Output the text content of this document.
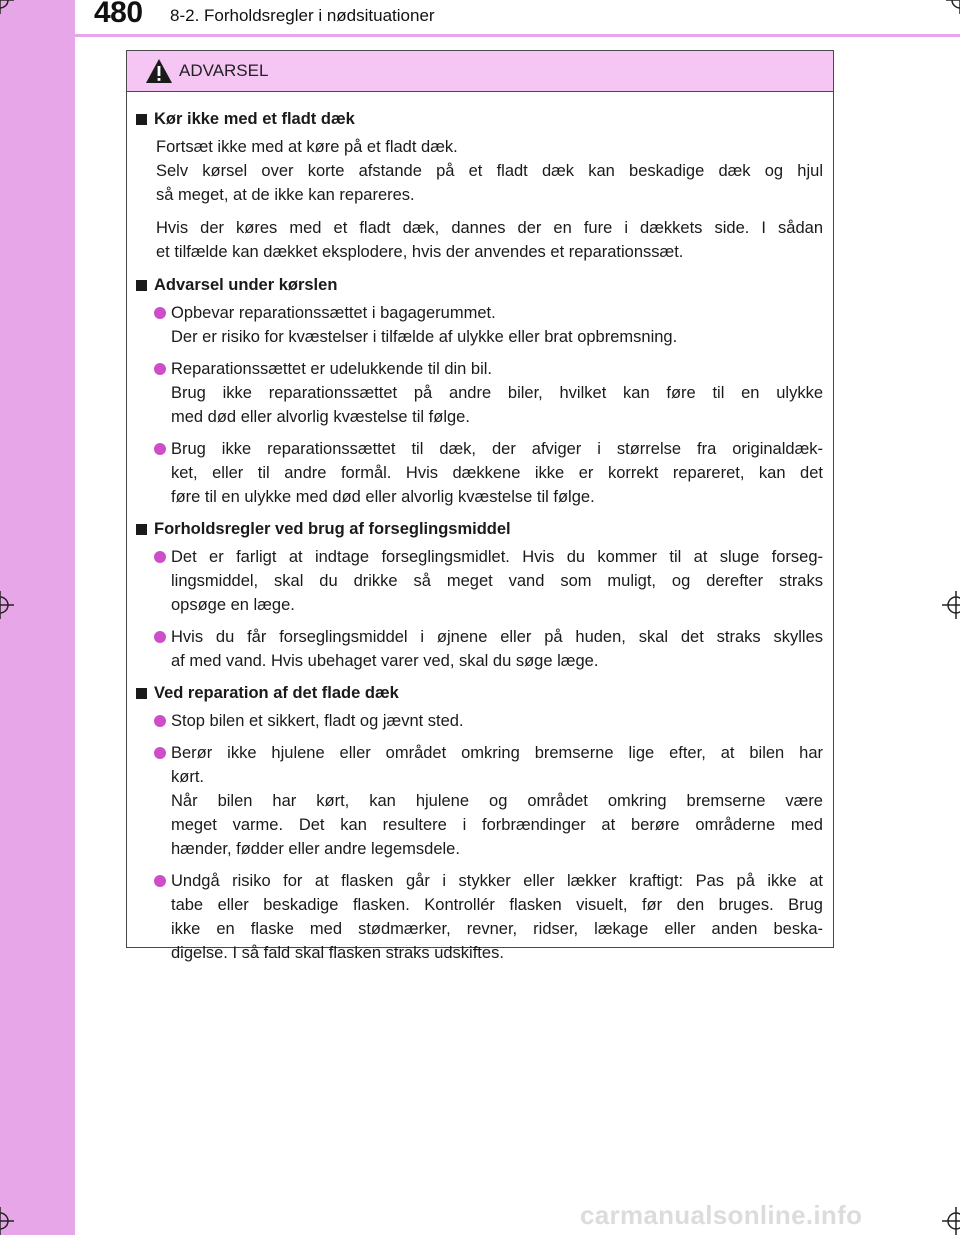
480 8-2. Forholdsregler i nødsituationer
ADVARSEL
Kør ikke med et fladt dæk
Fortsæt ikke med at køre på et fladt dæk.
Selv kørsel over korte afstande på et fladt dæk kan beskadige dæk og hjul
så meget, at de ikke kan repareres.
Hvis der køres med et fladt dæk, dannes der en fure i dækkets side. I sådan
et tilfælde kan dækket eksplodere, hvis der anvendes et reparationssæt.
Advarsel under kørslen
Opbevar reparationssættet i bagagerummet.
Der er risiko for kvæstelser i tilfælde af ulykke eller brat opbremsning.
Reparationssættet er udelukkende til din bil.
Brug ikke reparationssættet på andre biler, hvilket kan føre til en ulykke
med død eller alvorlig kvæstelse til følge.
Brug ikke reparationssættet til dæk, der afviger i størrelse fra originaldæk-
ket, eller til andre formål. Hvis dækkene ikke er korrekt repareret, kan det
føre til en ulykke med død eller alvorlig kvæstelse til følge.
Forholdsregler ved brug af forseglingsmiddel
Det er farligt at indtage forseglingsmidlet. Hvis du kommer til at sluge forseg-
lingsmiddel, skal du drikke så meget vand som muligt, og derefter straks
opsøge en læge.
Hvis du får forseglingsmiddel i øjnene eller på huden, skal det straks skylles
af med vand. Hvis ubehaget varer ved, skal du søge læge.
Ved reparation af det flade dæk
Stop bilen et sikkert, fladt og jævnt sted.
Berør ikke hjulene eller området omkring bremserne lige efter, at bilen har
kørt.
Når bilen har kørt, kan hjulene og området omkring bremserne være
meget varme. Det kan resultere i forbrændinger at berøre områderne med
hænder, fødder eller andre legemsdele.
Undgå risiko for at flasken går i stykker eller lækker kraftigt: Pas på ikke at
tabe eller beskadige flasken. Kontrollér flasken visuelt, før den bruges. Brug
ikke en flaske med stødmærker, revner, ridser, lækage eller anden beska-
digelse. I så fald skal flasken straks udskiftes.
carmanualsonline.info
